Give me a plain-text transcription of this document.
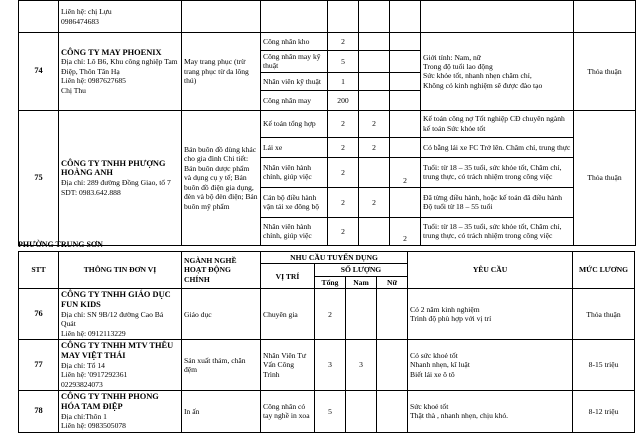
	Liên hệ: chị Lựu
0986474683							

74	CÔNG TY MAY PHOENIX
Địa chỉ: Lô B6, Khu công nghiệp Tam Điệp, Thôn Tân Hạ
Liên hệ: 0987627685
Chị Thu	May trang phục (trừ trang phục từ da lông thú)	Công nhân kho	2			Giới tính: Nam, nữ
Trong độ tuổi lao động
Sức khỏe tốt, nhanh nhẹn chăm chỉ,
Không có kinh nghiệm sẽ được đào tạo	Thỏa thuận
			Công nhân may kỹ thuật	5				
			Nhân viên kỹ thuật	1				
			Công nhân may	200				
75	CÔNG TY TNHH PHƯỢNG HOÀNG ANH
Địa chỉ: 289 đường Đồng Giao, tổ 7
SDT: 0983.642.888	Bán buôn đồ dùng khác cho gia đình Chi tiết: Bán buôn dược phẩm và dụng cụ y tế; Bán buôn đồ điện gia dụng, đèn và bộ đèn điện; Bán buôn mỹ phẩm	Kế toán tổng hợp	2	2		Kế toán công nợ Tốt nghiệp CĐ chuyên ngành kế toán Sức khỏe tốt	Thỏa thuận
			Lái xe	2	2		Có bằng lái xe FC Trở lên. Chăm chỉ, trung thực	
			Nhân viên hành chính, giúp việc	2		2	Tuổi: từ 18 – 35 tuổi, sức khỏe tốt, Chăm chỉ, trung thực, có trách nhiệm trong công việc	
			Cán bộ điều hành vận tải xe đông bộ	2	2		Đã từng điều hành, hoặc kế toán đã điều hành Độ tuổi từ 18 – 55 tuổi	
			Nhân viên hành chính, giúp việc	2		2	Tuổi: từ 18 – 35 tuổi, sức khỏe tốt, Chăm chỉ, trung thực, có trách nhiệm trong công việc	
PHƯỜNG TRUNG SƠN
STT	THÔNG TIN ĐƠN VỊ	NGÀNH NGHỀ HOẠT ĐỘNG CHÍNH	NHU CẦU TUYỂN DỤNG				YÊU CẦU	MỨC LƯƠNG
			VỊ TRÍ	SỐ LƯỢNG				
				Tổng	Nam	Nữ		
76	CÔNG TY TNHH GIÁO DỤC FUN KIDS
Địa chỉ: SN 9B/12 đường Cao Bá Quát
Liên hệ: 0912113229	Giáo dục	Chuyên gia	2			Có 2 năm kinh nghiệm
Trình độ phù hợp với vị trí	Thỏa thuận
77	CÔNG TY TNHH MTV THÊU MAY VIỆT THÁI
Địa chỉ: Tổ 14
Liên hệ: '0917292361
02293824073	Sản xuất thảm, chăn đệm	Nhân Viên Tư Vấn Công Trình	3	3		Có sức khoẻ tốt
Nhanh nhẹn, kĩ luật
Biết lái xe ô tô	8-15 triệu
78	CÔNG TY TNHH PHONG HÓA TAM ĐIỆP
Địa chỉ:Thôn 1
Liên hệ: 0983505078	In ấn	Công nhân có tay nghề in xoa	5			Sức khoẻ tốt
Thật thà , nhanh nhẹn, chịu khó.	8-12 triệu
